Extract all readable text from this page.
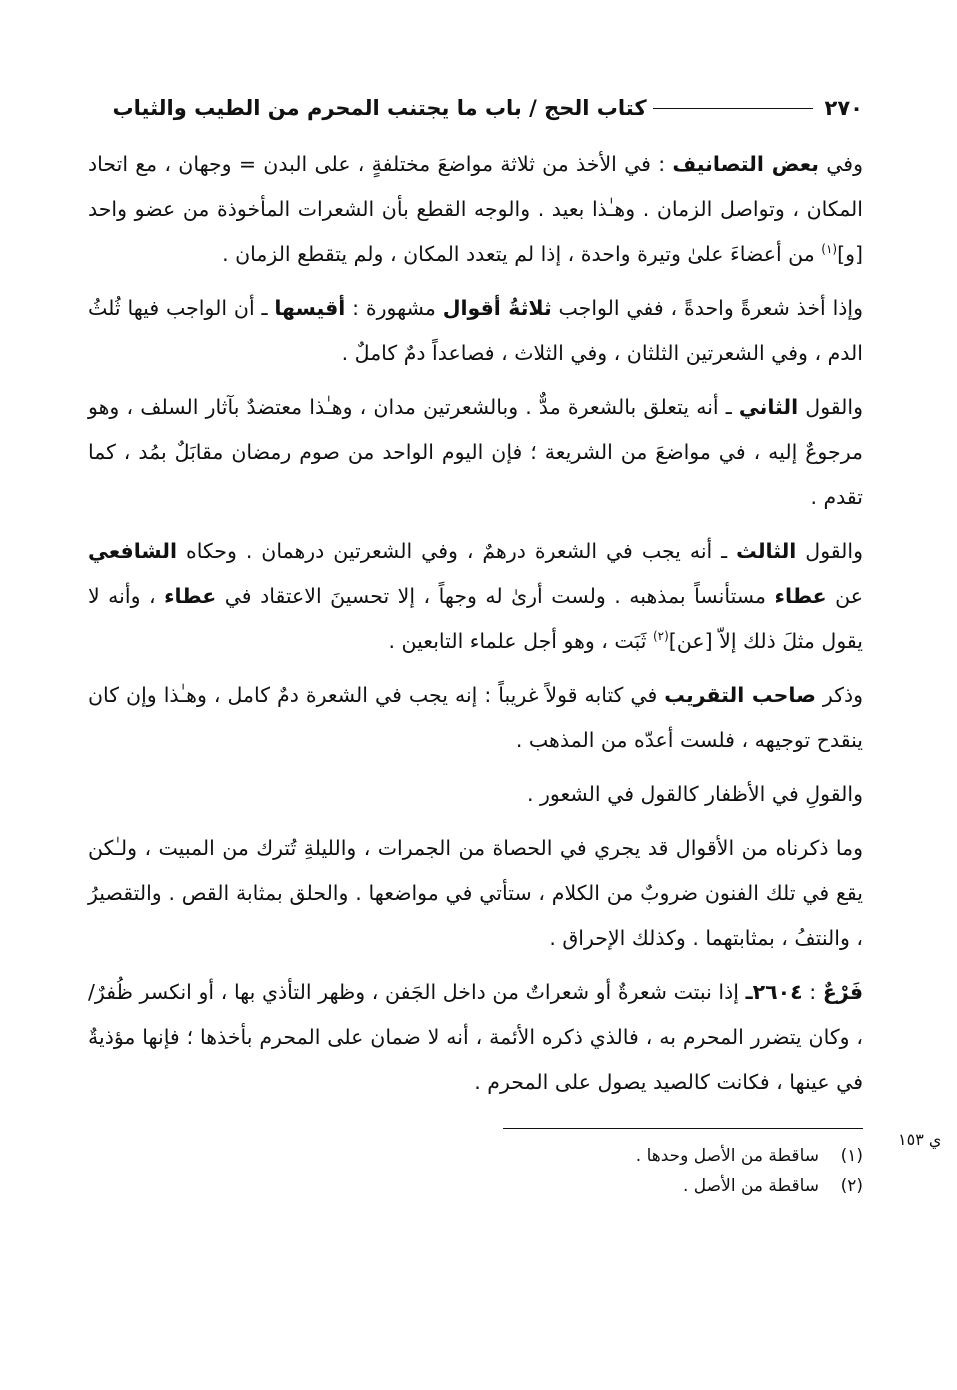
٢٧٠
كتاب الحج / باب ما يجتنب المحرم من الطيب والثياب

وفي بعض التصانيف : في الأخذ من ثلاثة مواضعَ مختلفةٍ ، على البدن = وجهان ، مع اتحاد المكان ، وتواصل الزمان . وهـٰذا بعيد . والوجه القطع بأن الشعرات المأخوذة من عضو واحد [و]$^{(١)}$ من أعضاءَ علىٰ وتيرة واحدة ، إذا لم يتعدد المكان ، ولم يتقطع الزمان .

وإذا أخذ شعرةً واحدةً ، ففي الواجب ثلاثةُ أقوال مشهورة : أقيسها ـ أن الواجب فيها ثُلثُ الدم ، وفي الشعرتين الثلثان ، وفي الثلاث ، فصاعداً دمٌ كاملٌ .

والقول الثاني ـ أنه يتعلق بالشعرة مدٌّ . وبالشعرتين مدان ، وهـٰذا معتضدٌ بآثار السلف ، وهو مرجوعٌ إليه ، في مواضعَ من الشريعة ؛ فإن اليوم الواحد من صوم رمضان مقابَلٌ بمُد ، كما تقدم .

والقول الثالث ـ أنه يجب في الشعرة درهمٌ ، وفي الشعرتين درهمان . وحكاه الشافعي عن عطاء مستأنساً بمذهبه . ولست أرىٰ له وجهاً ، إلا تحسينَ الاعتقاد في عطاء ، وأنه لا يقول مثلَ ذلك إلاّ [عن]$^{(٢)}$ ثَبَت ، وهو أجل علماء التابعين .

وذكر صاحب التقريب في كتابه قولاً غريباً : إنه يجب في الشعرة دمٌ كامل ، وهـٰذا وإن كان ينقدح توجيهه ، فلست أعدّه من المذهب .

والقولِ في الأظفار كالقول في الشعور .

وما ذكرناه من الأقوال قد يجري في الحصاة من الجمرات ، والليلةِ تُترك من المبيت ، ولـٰكن يقع في تلك الفنون ضروبٌ من الكلام ، ستأتي في مواضعها . والحلق بمثابة القص . والتقصيرُ ، والنتفُ ، بمثابتهما . وكذلك الإحراق .

فَرْعٌ : ٢٦٠٤ـ إذا نبتت شعرةٌ أو شعراتٌ من داخل الجَفن ، وظهر التأذي بها ، أو انكسر ظُفرٌ/ ، وكان يتضرر المحرم به ، فالذي ذكره الأئمة ، أنه لا ضمان على المحرم بأخذها ؛ فإنها مؤذيةٌ في عينها ، فكانت كالصيد يصول على المحرم .

(١)ساقطة من الأصل وحدها .
(٢)ساقطة من الأصل .
ي ١٥٣
